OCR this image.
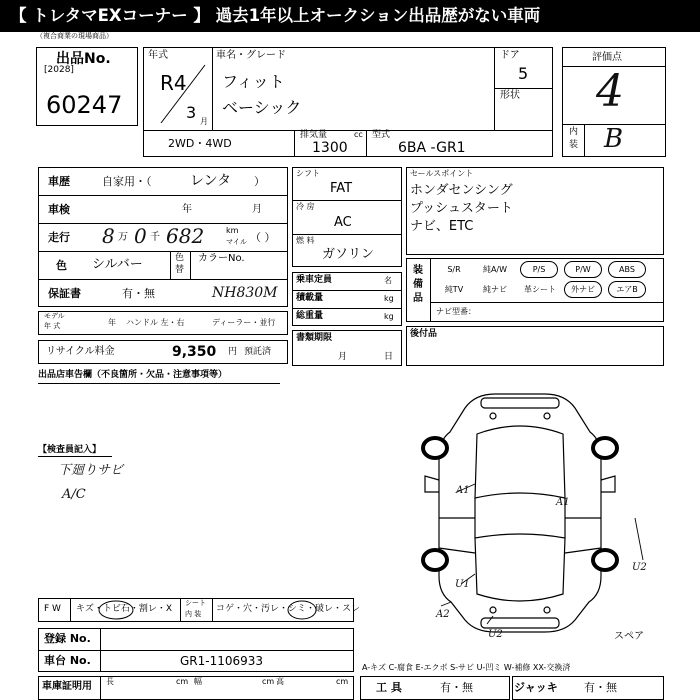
【 トレタマEXコーナー 】 過去1年以上オークション出品歴がない車両
（複合商業の現場商品）
出品No.
[2028]
60247
年式
R4
3 月
車名・グレード
フィット
ベーシック
ドア
5
形状
2WD・4WD
排気量	cc
1300
型式
6BA -GR1
評価点
4
内
装 B
車歴	自家用・（	レンタ ）
車検	年	月
走行 8 万 0 千 682	km
マイル （ ）
色 シルバー	色
替
カラーNo.
NH830M
保証書	有・無
モデル
年 式	年 ハンドル 左・右	ディーラー・並行
リサイクル料金	9,350 円 預託済
シフト
FAT
冷 房
AC
燃 料
ガソリン
乗車定員	名
積載量	kg
総重量	kg
書類期限
月	日
セールスポイント
ホンダセンシング
プッシュスタート
ナビ、ETC
装
備
品
S/R	純A/W	P/S	P/W	ABS
純TV	純ナビ	革シート	外ナビ	エアB
ナビ型番：
後付品
出品店車告欄（不良箇所・欠品・注意事項等）
【検査員記入】
下廻りサビ
A/C	A1
A1
U2
U1
A2
U2	スペア
F W キズ・トビ石・割レ・X
シート
内 装 コゲ・穴・汚レ・シミ・破レ・スレ
登録 No.
車台 No.	GR1-1106933
車庫証明用 長	cm 幅	cm 高	cm
A-キズ C-腐食 E-エクボ S-サビ U-凹ミ W-補修 XX-交換済
工 具	有・無	ジャッキ 有・無
